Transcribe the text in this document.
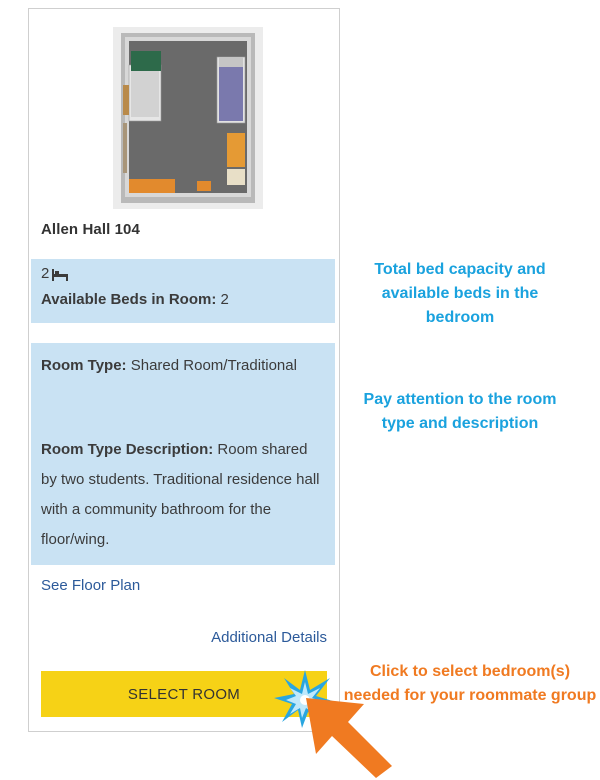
Allen Hall 104
2
Available Beds in Room: 2
Room Type: Shared Room/Traditional
Room Type Description: Room shared by two students. Traditional residence hall with a community bathroom for the floor/wing.
See Floor Plan
Additional Details
SELECT ROOM
Total bed capacity and available beds in the bedroom
Pay attention to the room type and description
Click to select bedroom(s) needed for your roommate group
